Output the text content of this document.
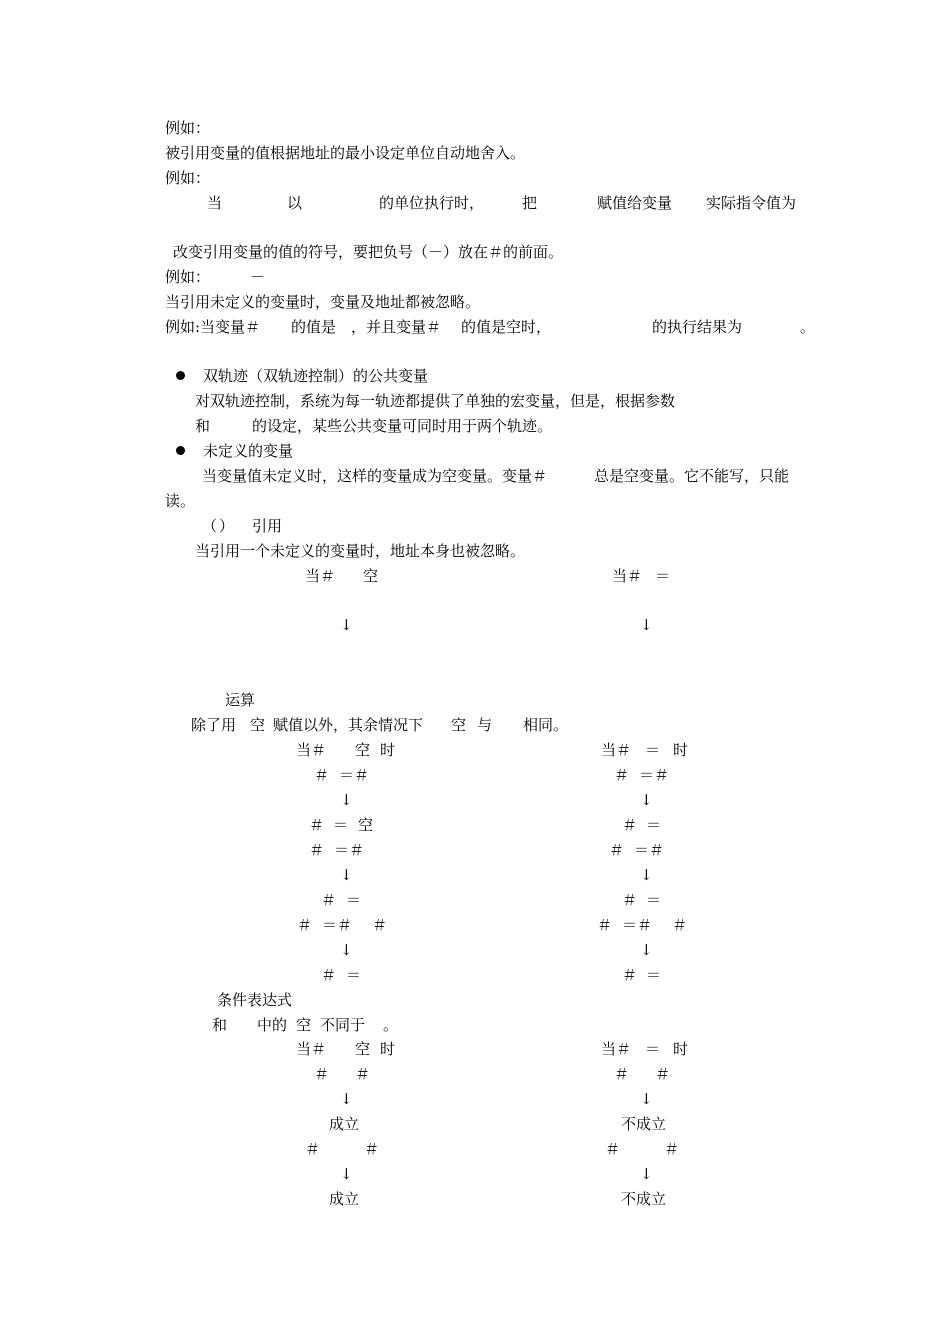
例如：
被引用变量的值根据地址的最小设定单位自动地舍入。
例如：
当	以	的单位执行时，	把	赋值给变量 实际指令值为
改变引用变量的值的符号，要把负号（－）放在＃的前面。
例如：	－
当引用未定义的变量时，变量及地址都被忽略。
例如:当变量＃ 的值是 ，并且变量＃ 的值是空时，	的执行结果为	。
双轨迹（双轨迹控制）的公共变量
对双轨迹控制，系统为每一轨迹都提供了单独的宏变量，但是，根据参数
和	的设定，某些公共变量可同时用于两个轨迹。
未定义的变量
当变量值未定义时，这样的变量成为空变量。变量＃	总是空变量。它不能写，只能
读。
（ ） 引用
当引用一个未定义的变量时，地址本身也被忽略。
当＃ 空
↓
当＃ ＝
↓
运算
除了用 空 赋值以外，其余情况下 空 与 相同。
当＃ 空 时
＃ ＝＃
↓
＃ ＝ 空
＃ ＝＃
↓
＃ ＝
＃ ＝＃ ＃
↓
＃ ＝
当＃ ＝ 时
＃ ＝＃
↓
＃ ＝
＃ ＝＃
↓
＃ ＝
＃ ＝＃ ＃
↓
＃ ＝
条件表达式
和 中的 空 不同于 。
当＃ 空 时
＃ ＃
↓
成立
＃	＃
↓
成立
当＃ ＝ 时
＃ ＃
↓
不成立
＃	＃
↓
不成立
